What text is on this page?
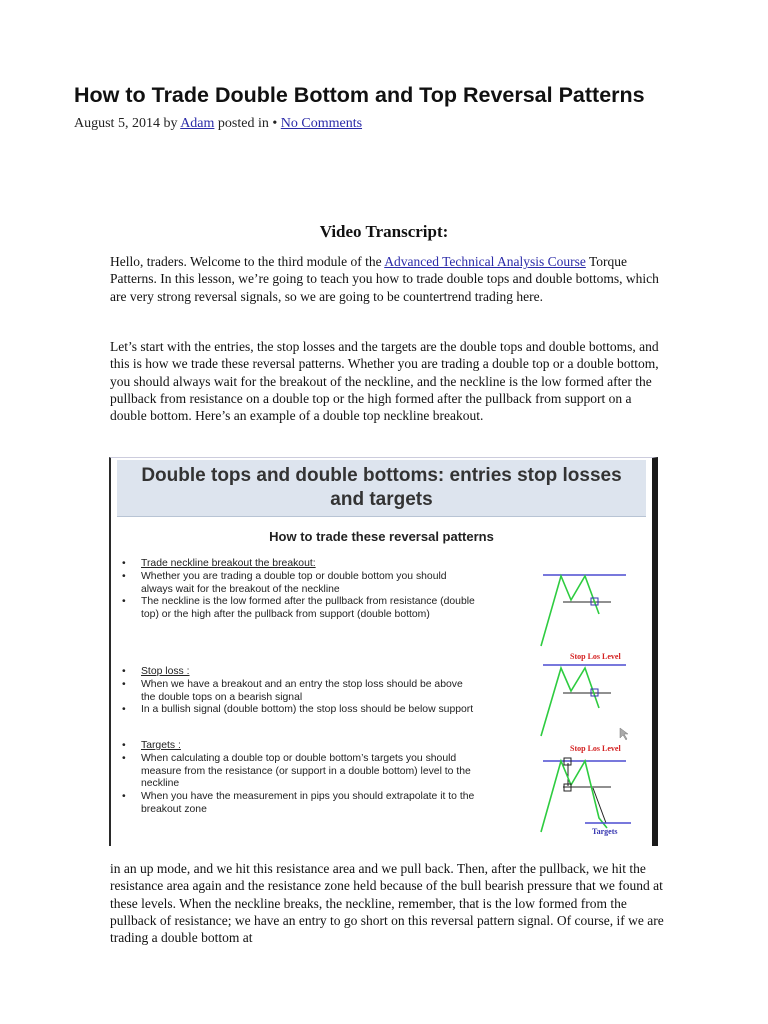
How to Trade Double Bottom and Top Reversal Patterns
August 5, 2014 by Adam posted in • No Comments
Video Transcript:

Hello, traders. Welcome to the third module of the Advanced Technical Analysis Course Torque Patterns. In this lesson, we’re going to teach you how to trade double tops and double bottoms, which are very strong reversal signals, so we are going to be countertrend trading here.

Let’s start with the entries, the stop losses and the targets are the double tops and double bottoms, and this is how we trade these reversal patterns. Whether you are trading a double top or a double bottom, you should always wait for the breakout of the neckline, and the neckline is the low formed after the pullback from resistance on a double top or the high formed after the pullback from support on a double bottom. Here’s an example of a double top neckline breakout.

Double tops and double bottoms: entries stop losses
and targets
How to trade these reversal patterns
• Trade neckline breakout the breakout:
• Whether you are trading a double top or double bottom you should always wait for the breakout of the neckline
• The neckline is the low formed after the pullback from resistance (double top) or the high after the pullback from support (double bottom)
• Stop loss :
• When we have a breakout and an entry the stop loss should be above the double tops on a bearish signal
• In a bullish signal (double bottom) the stop loss should be below support
• Targets :
• When calculating a double top or double bottom’s targets you should measure from the resistance (or support in a double bottom) level to the neckline
• When you have the measurement in pips you should extrapolate it to the breakout zone
Stop Los Level
Stop Los Level
Targets

in an up mode, and we hit this resistance area and we pull back. Then, after the pullback, we hit the resistance area again and the resistance zone held because of the bull bearish pressure that we found at these levels. When the neckline breaks, the neckline, remember, that is the low formed from the pullback of resistance; we have an entry to go short on this reversal pattern signal. Of course, if we are trading a double bottom at
